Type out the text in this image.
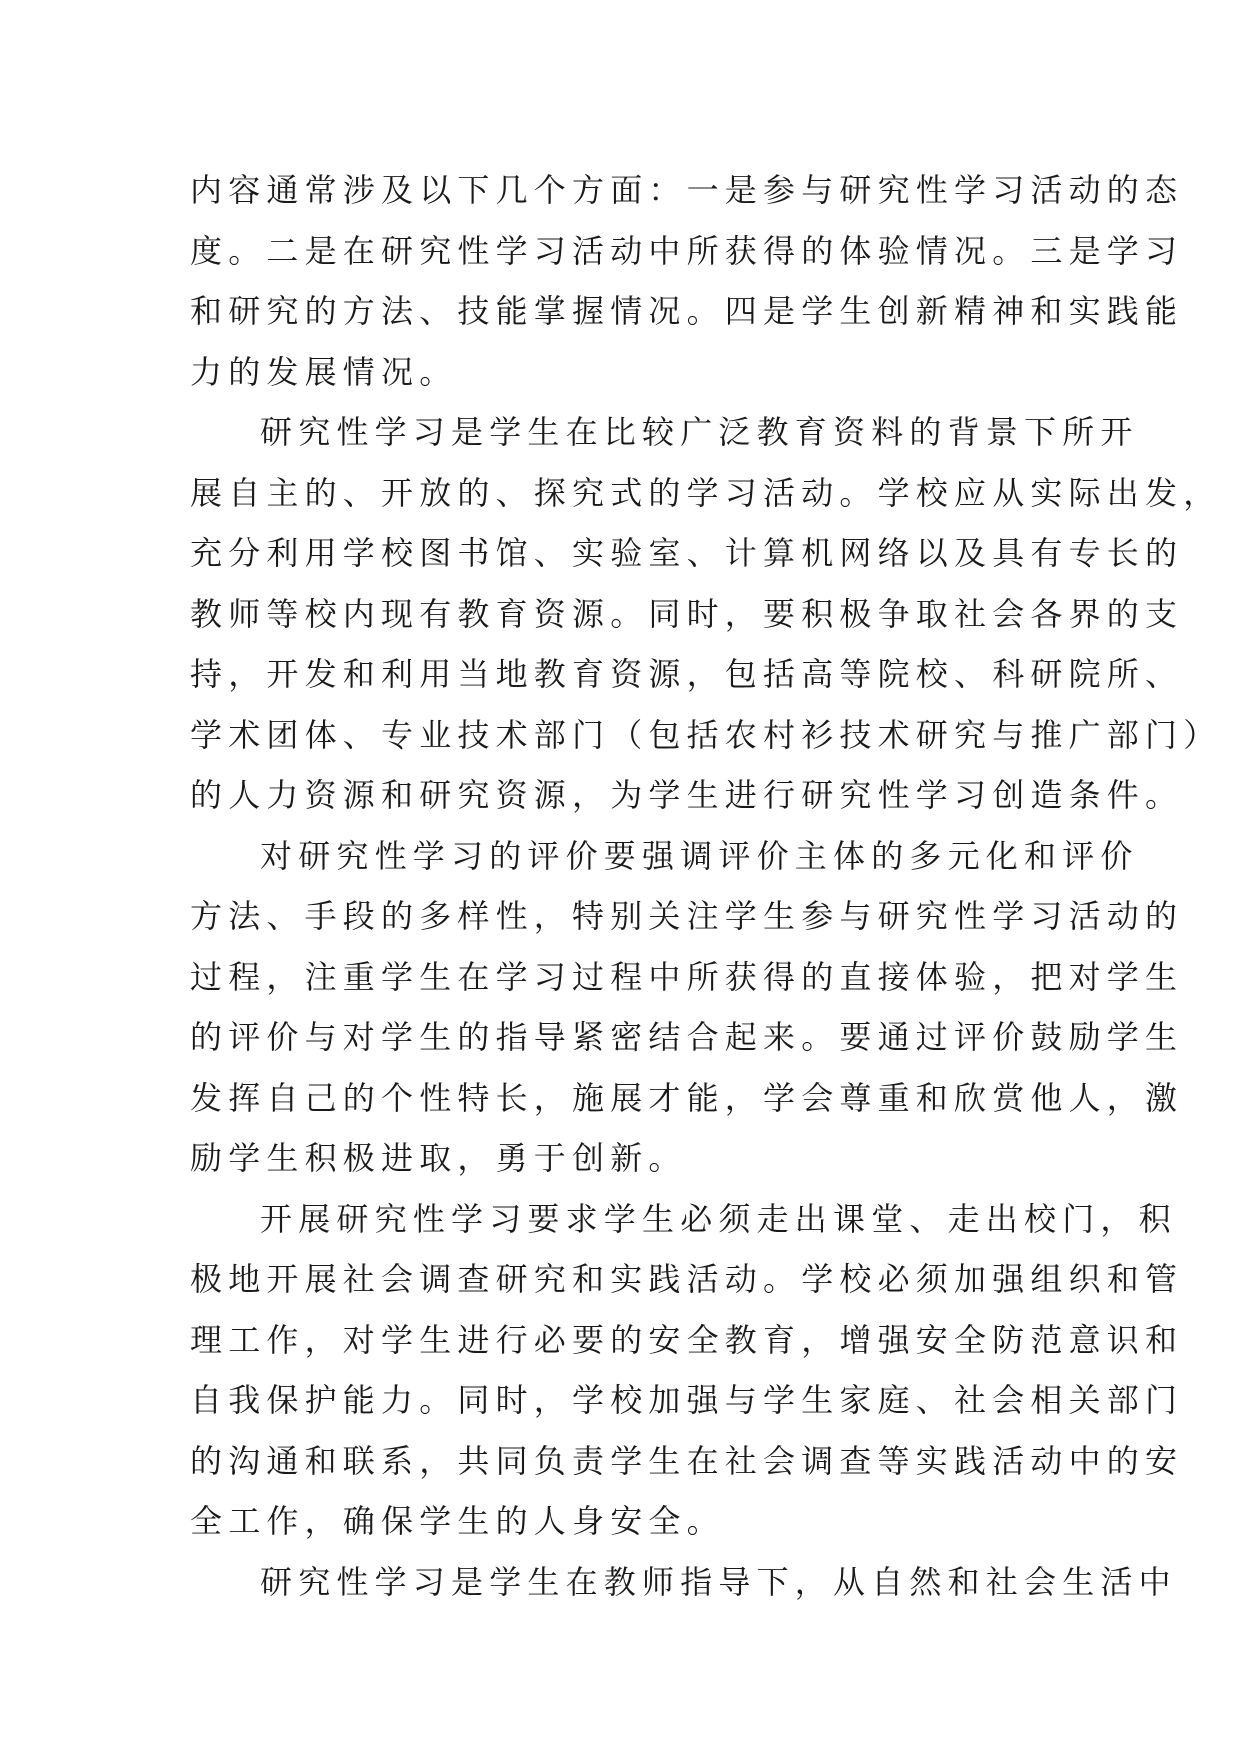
内容通常涉及以下几个方面：一是参与研究性学习活动的态
度。二是在研究性学习活动中所获得的体验情况。三是学习
和研究的方法、技能掌握情况。四是学生创新精神和实践能
力的发展情况。
研究性学习是学生在比较广泛教育资料的背景下所开
展自主的、开放的、探究式的学习活动。学校应从实际出发，
充分利用学校图书馆、实验室、计算机网络以及具有专长的
教师等校内现有教育资源。同时，要积极争取社会各界的支
持，开发和利用当地教育资源，包括高等院校、科研院所、
学术团体、专业技术部门（包括农村衫技术研究与推广部门）
的人力资源和研究资源，为学生进行研究性学习创造条件。
对研究性学习的评价要强调评价主体的多元化和评价
方法、手段的多样性，特别关注学生参与研究性学习活动的
过程，注重学生在学习过程中所获得的直接体验，把对学生
的评价与对学生的指导紧密结合起来。要通过评价鼓励学生
发挥自己的个性特长，施展才能，学会尊重和欣赏他人，激
励学生积极进取，勇于创新。
开展研究性学习要求学生必须走出课堂、走出校门，积
极地开展社会调查研究和实践活动。学校必须加强组织和管
理工作，对学生进行必要的安全教育，增强安全防范意识和
自我保护能力。同时，学校加强与学生家庭、社会相关部门
的沟通和联系，共同负责学生在社会调查等实践活动中的安
全工作，确保学生的人身安全。
研究性学习是学生在教师指导下，从自然和社会生活中
